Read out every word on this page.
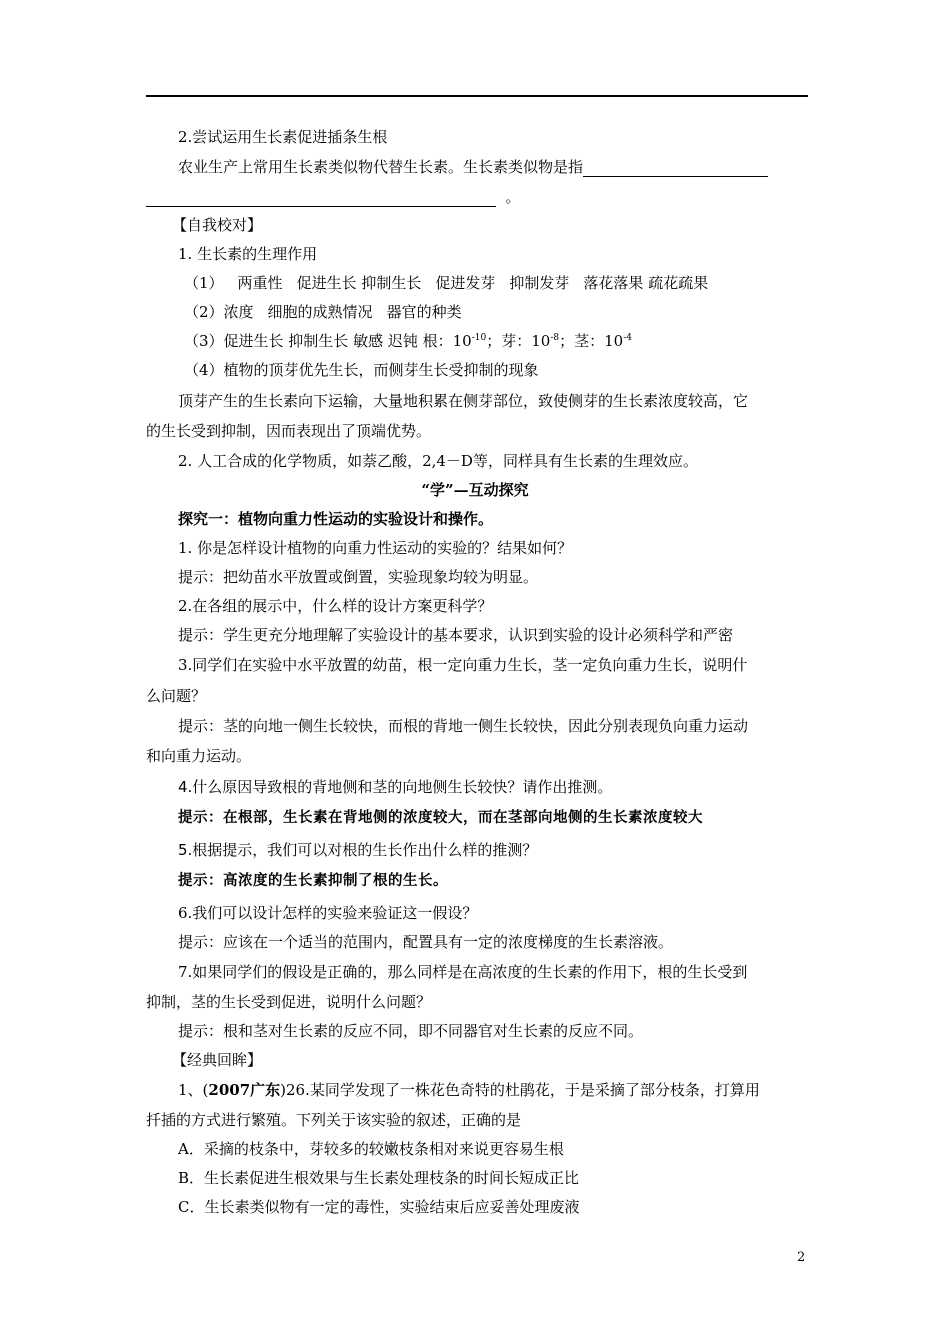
2.尝试运用生长素促进插条生根
农业生产上常用生长素类似物代替生长素。生长素类似物是指
。
【自我校对】
1. 生长素的生理作用
（1） 两重性 促进生长 抑制生长 促进发芽 抑制发芽 落花落果 疏花疏果
（2）浓度 细胞的成熟情况 器官的种类
（3）促进生长 抑制生长 敏感 迟钝 根：$10^{-10}$；芽：$10^{-8}$；茎：$10^{-4}$
（4）植物的顶芽优先生长，而侧芽生长受抑制的现象
顶芽产生的生长素向下运输，大量地积累在侧芽部位，致使侧芽的生长素浓度较高，它
的生长受到抑制，因而表现出了顶端优势。
2. 人工合成的化学物质，如萘乙酸，2,4－D等，同样具有生长素的生理效应。
“学”—互动探究
探究一：植物向重力性运动的实验设计和操作。
1. 你是怎样设计植物的向重力性运动的实验的？结果如何？
提示：把幼苗水平放置或倒置，实验现象均较为明显。
2.在各组的展示中，什么样的设计方案更科学？
提示：学生更充分地理解了实验设计的基本要求，认识到实验的设计必须科学和严密
3.同学们在实验中水平放置的幼苗，根一定向重力生长，茎一定负向重力生长，说明什
么问题？
提示：茎的向地一侧生长较快，而根的背地一侧生长较快，因此分别表现负向重力运动
和向重力运动。
4.什么原因导致根的背地侧和茎的向地侧生长较快？请作出推测。
提示：在根部，生长素在背地侧的浓度较大，而在茎部向地侧的生长素浓度较大
5.根据提示，我们可以对根的生长作出什么样的推测？
提示：高浓度的生长素抑制了根的生长。
6.我们可以设计怎样的实验来验证这一假设？
提示：应该在一个适当的范围内，配置具有一定的浓度梯度的生长素溶液。
7.如果同学们的假设是正确的，那么同样是在高浓度的生长素的作用下，根的生长受到
抑制，茎的生长受到促进，说明什么问题？
提示：根和茎对生长素的反应不同，即不同器官对生长素的反应不同。
【经典回眸】
1、(2007广东)26.某同学发现了一株花色奇特的杜鹃花，于是采摘了部分枝条，打算用
扦插的方式进行繁殖。下列关于该实验的叙述，正确的是
A．采摘的枝条中，芽较多的较嫩枝条相对来说更容易生根
B．生长素促进生根效果与生长素处理枝条的时间长短成正比
C．生长素类似物有一定的毒性，实验结束后应妥善处理废液
2
